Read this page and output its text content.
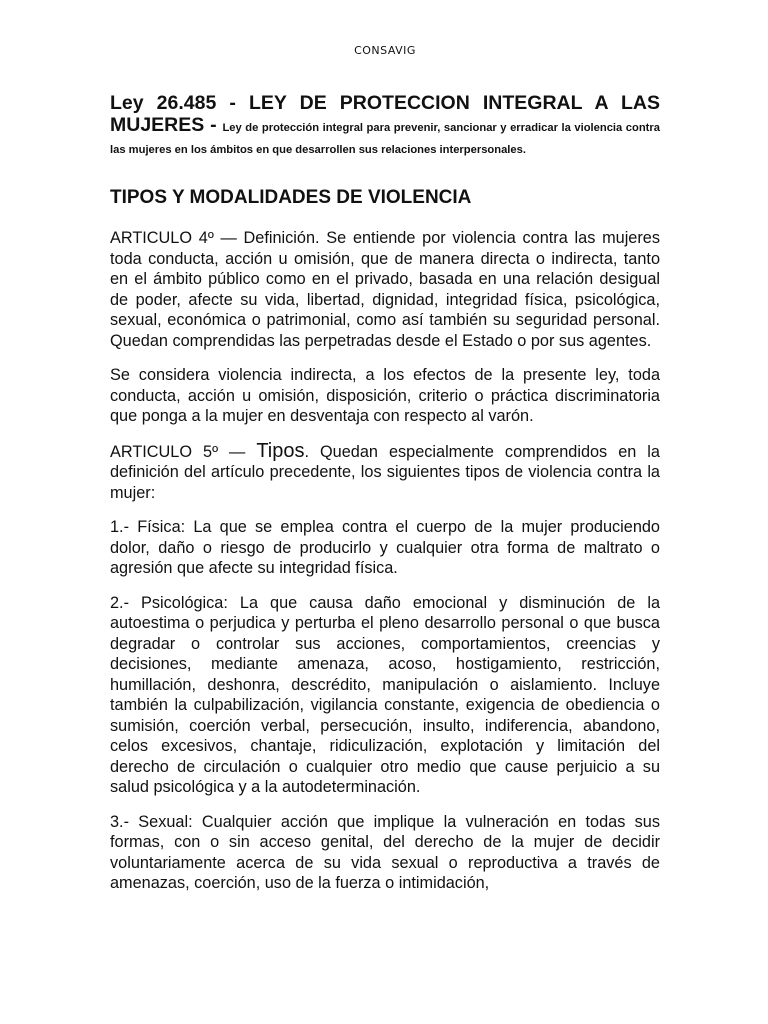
CONSAVIG
Ley 26.485 - LEY DE PROTECCION INTEGRAL A LAS MUJERES - Ley de protección integral para prevenir, sancionar y erradicar la violencia contra las mujeres en los ámbitos en que desarrollen sus relaciones interpersonales.
TIPOS Y MODALIDADES DE VIOLENCIA

ARTICULO 4º — Definición. Se entiende por violencia contra las mujeres toda conducta, acción u omisión, que de manera directa o indirecta, tanto en el ámbito público como en el privado, basada en una relación desigual de poder, afecte su vida, libertad, dignidad, integridad física, psicológica, sexual, económica o patrimonial, como así también su seguridad personal. Quedan comprendidas las perpetradas desde el Estado o por sus agentes.

Se considera violencia indirecta, a los efectos de la presente ley, toda conducta, acción u omisión, disposición, criterio o práctica discriminatoria que ponga a la mujer en desventaja con respecto al varón.

ARTICULO 5º — Tipos. Quedan especialmente comprendidos en la definición del artículo precedente, los siguientes tipos de violencia contra la mujer:

1.- Física: La que se emplea contra el cuerpo de la mujer produciendo dolor, daño o riesgo de producirlo y cualquier otra forma de maltrato o agresión que afecte su integridad física.

2.- Psicológica: La que causa daño emocional y disminución de la autoestima o perjudica y perturba el pleno desarrollo personal o que busca degradar o controlar sus acciones, comportamientos, creencias y decisiones, mediante amenaza, acoso, hostigamiento, restricción, humillación, deshonra, descrédito, manipulación o aislamiento. Incluye también la culpabilización, vigilancia constante, exigencia de obediencia o sumisión, coerción verbal, persecución, insulto, indiferencia, abandono, celos excesivos, chantaje, ridiculización, explotación y limitación del derecho de circulación o cualquier otro medio que cause perjuicio a su salud psicológica y a la autodeterminación.

3.- Sexual: Cualquier acción que implique la vulneración en todas sus formas, con o sin acceso genital, del derecho de la mujer de decidir voluntariamente acerca de su vida sexual o reproductiva a través de amenazas, coerción, uso de la fuerza o intimidación,
